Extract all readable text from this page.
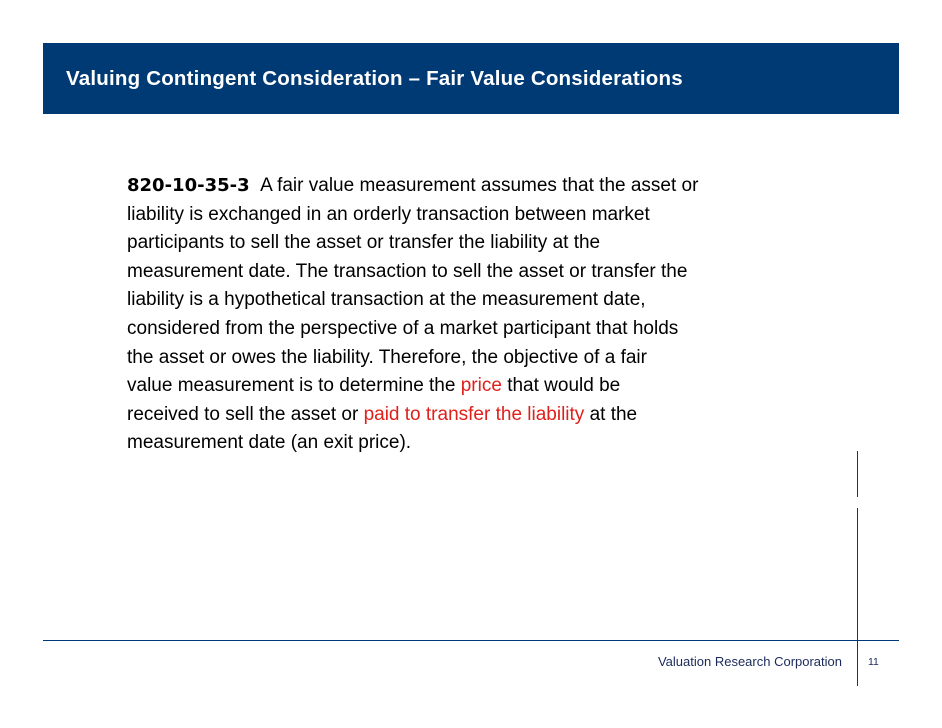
Valuing Contingent Consideration – Fair Value Considerations
820-10-35-3 A fair value measurement assumes that the asset or
liability is exchanged in an orderly transaction between market
participants to sell the asset or transfer the liability at the
measurement date. The transaction to sell the asset or transfer the
liability is a hypothetical transaction at the measurement date,
considered from the perspective of a market participant that holds
the asset or owes the liability. Therefore, the objective of a fair
value measurement is to determine the price that would be
received to sell the asset or paid to transfer the liability at the
measurement date (an exit price).
Valuation Research Corporation 11
